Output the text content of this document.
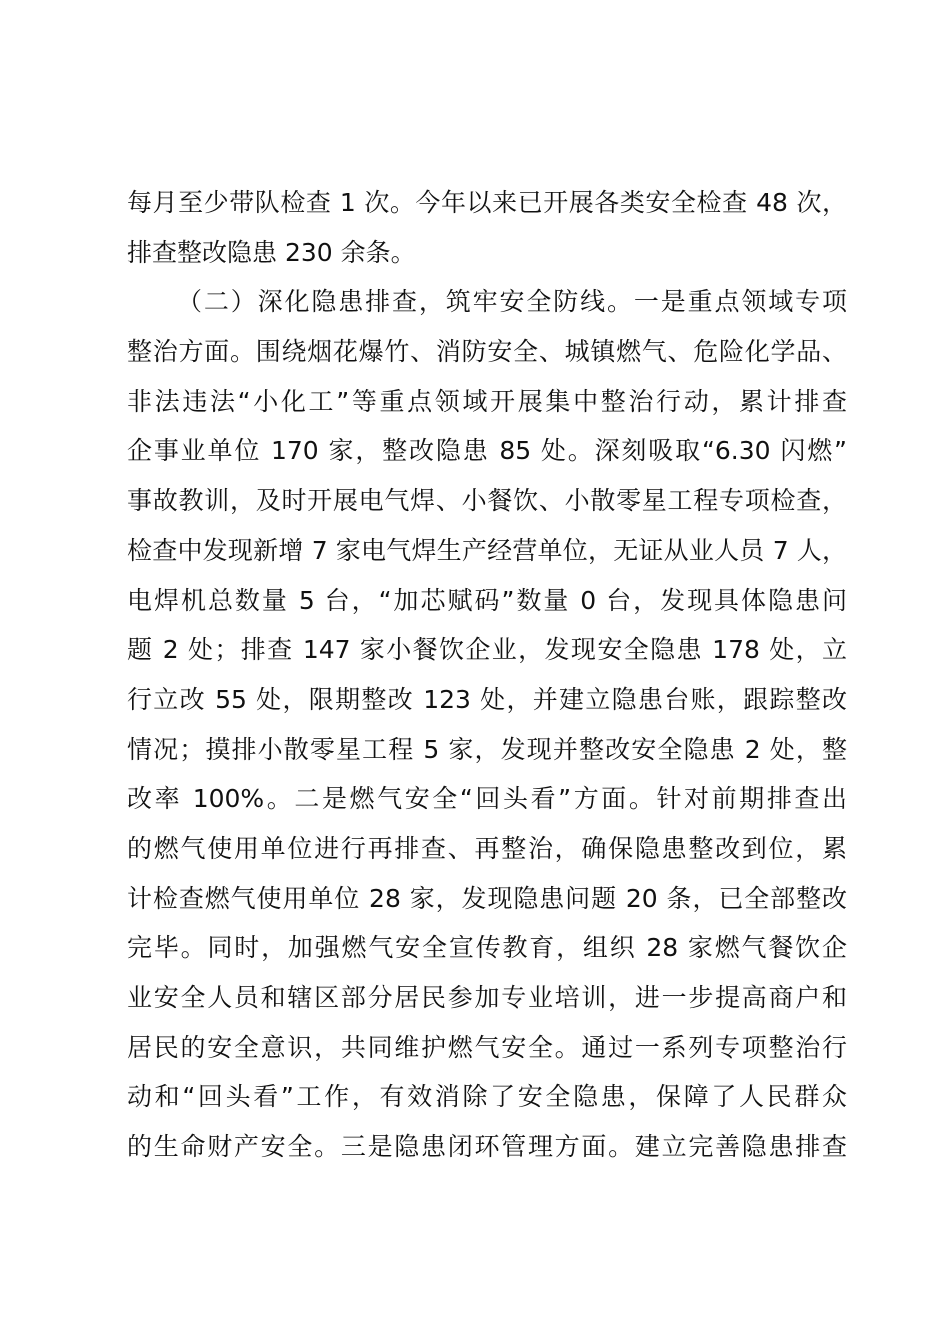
每月至少带队检查 1 次。今年以来已开展各类安全检查 48 次，
排查整改隐患 230 余条。
（二）深化隐患排查，筑牢安全防线。一是重点领域专项
整治方面。围绕烟花爆竹、消防安全、城镇燃气、危险化学品、
非法违法“小化工”等重点领域开展集中整治行动，累计排查
企事业单位 170 家，整改隐患 85 处。深刻吸取“6.30 闪燃”
事故教训，及时开展电气焊、小餐饮、小散零星工程专项检查，
检查中发现新增 7 家电气焊生产经营单位，无证从业人员 7 人，
电焊机总数量 5 台，“加芯赋码”数量 0 台，发现具体隐患问
题 2 处；排查 147 家小餐饮企业，发现安全隐患 178 处，立
行立改 55 处，限期整改 123 处，并建立隐患台账，跟踪整改
情况；摸排小散零星工程 5 家，发现并整改安全隐患 2 处，整
改率 100%。二是燃气安全“回头看”方面。针对前期排查出
的燃气使用单位进行再排查、再整治，确保隐患整改到位，累
计检查燃气使用单位 28 家，发现隐患问题 20 条，已全部整改
完毕。同时，加强燃气安全宣传教育，组织 28 家燃气餐饮企
业安全人员和辖区部分居民参加专业培训，进一步提高商户和
居民的安全意识，共同维护燃气安全。通过一系列专项整治行
动和“回头看”工作，有效消除了安全隐患，保障了人民群众
的生命财产安全。三是隐患闭环管理方面。建立完善隐患排查
